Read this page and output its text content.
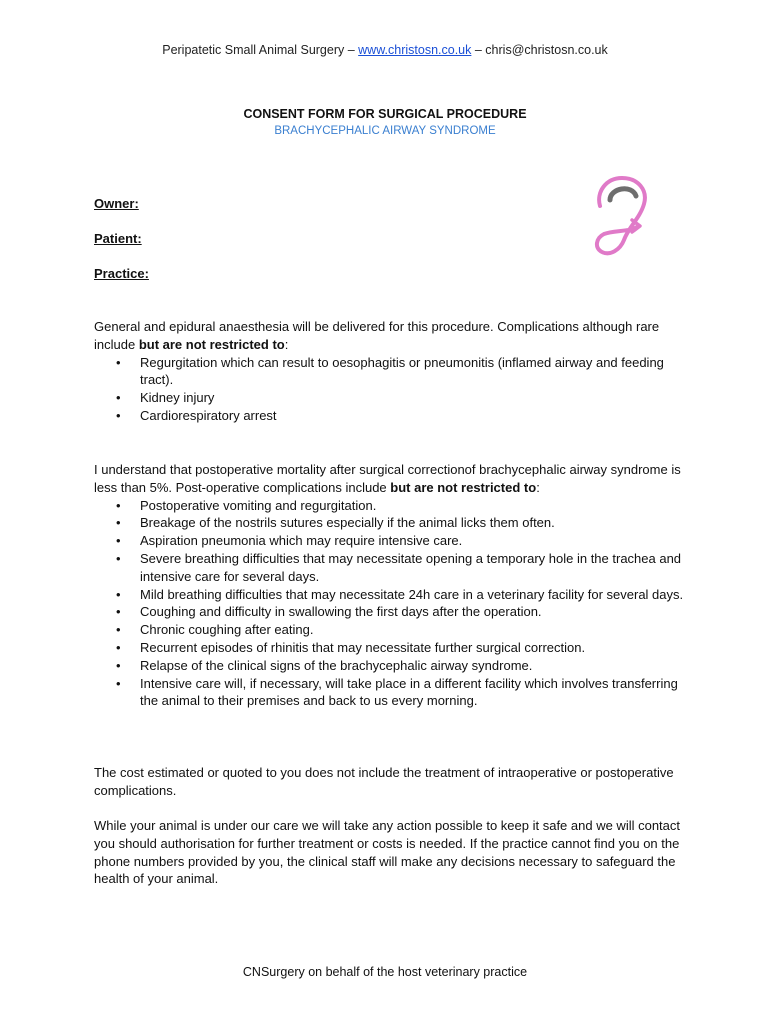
Peripatetic Small Animal Surgery – www.christosn.co.uk – chris@christosn.co.uk
CONSENT FORM FOR SURGICAL PROCEDURE
BRACHYCEPHALIC AIRWAY SYNDROME
Owner:
Patient:
Practice:

General and epidural anaesthesia will be delivered for this procedure. Complications although rare include but are not restricted to:

• Regurgitation which can result to oesophagitis or pneumonitis (inflamed airway and feeding tract).
• Kidney injury
• Cardiorespiratory arrest

I understand that postoperative mortality after surgical correctionof brachycephalic airway syndrome is less than 5%. Post-operative complications include but are not restricted to:

• Postoperative vomiting and regurgitation.
• Breakage of the nostrils sutures especially if the animal licks them often.
• Aspiration pneumonia which may require intensive care.
• Severe breathing difficulties that may necessitate opening a temporary hole in the trachea and intensive care for several days.
• Mild breathing difficulties that may necessitate 24h care in a veterinary facility for several days.
• Coughing and difficulty in swallowing the first days after the operation.
• Chronic coughing after eating.
• Recurrent episodes of rhinitis that may necessitate further surgical correction.
• Relapse of the clinical signs of the brachycephalic airway syndrome.
• Intensive care will, if necessary, will take place in a different facility which involves transferring the animal to their premises and back to us every morning.

The cost estimated or quoted to you does not include the treatment of intraoperative or postoperative complications.

While your animal is under our care we will take any action possible to keep it safe and we will contact you should authorisation for further treatment or costs is needed. If the practice cannot find you on the phone numbers provided by you, the clinical staff will make any decisions necessary to safeguard the health of your animal.

CNSurgery on behalf of the host veterinary practice
